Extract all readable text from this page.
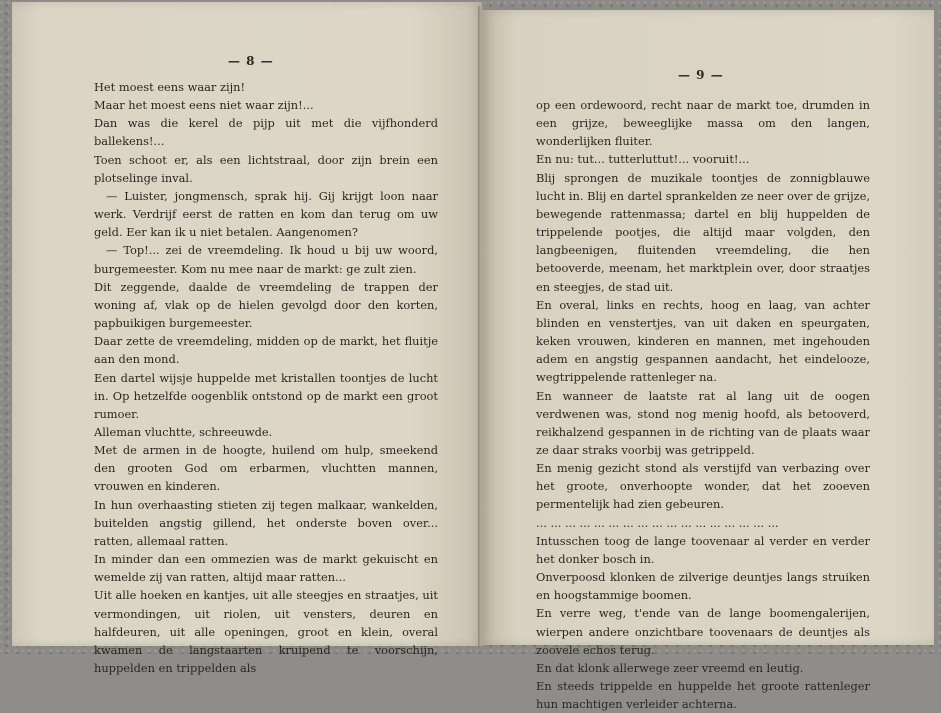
— 8 —

Het moest eens waar zijn!

Maar het moest eens niet waar zijn!...

Dan was die kerel de pijp uit met die vijfhonderd ballekens!...

Toen schoot er, als een lichtstraal, door zijn brein een plotselinge inval.

— Luister, jongmensch, sprak hij. Gij krijgt loon naar werk. Verdrijf eerst de ratten en kom dan terug om uw geld. Eer kan ik u niet betalen. Aangenomen?

— Top!... zei de vreemdeling. Ik houd u bij uw woord, burgemeester. Kom nu mee naar de markt: ge zult zien.

Dit zeggende, daalde de vreemdeling de trappen der woning af, vlak op de hielen gevolgd door den korten, papbuikigen burgemeester.

Daar zette de vreemdeling, midden op de markt, het fluitje aan den mond.

Een dartel wijsje huppelde met kristallen toontjes de lucht in. Op hetzelfde oogenblik ontstond op de markt een groot rumoer.

Alleman vluchtte, schreeuwde.

Met de armen in de hoogte, huilend om hulp, smeekend den grooten God om erbarmen, vluchtten mannen, vrouwen en kinderen.

In hun overhaasting stieten zij tegen malkaar, wankelden, buitelden angstig gillend, het onderste boven over... ratten, allemaal ratten.

In minder dan een ommezien was de markt gekuischt en wemelde zij van ratten, altijd maar ratten...

Uit alle hoeken en kantjes, uit alle steegjes en straatjes, uit vermondingen, uit riolen, uit vensters, deuren en halfdeuren, uit alle openingen, groot en klein, overal kwamen de langstaarten kruipend te voorschijn, huppelden en trippelden als

— 9 —

op een ordewoord, recht naar de markt toe, drumden in een grijze, beweeglijke massa om den langen, wonderlijken fluiter.

En nu: tut... tutterluttut!... vooruit!...

Blij sprongen de muzikale toontjes de zonnigblauwe lucht in. Blij en dartel sprankelden ze neer over de grijze, bewegende rattenmassa; dartel en blij huppelden de trippelende pootjes, die altijd maar volgden, den langbeenigen, fluitenden vreemdeling, die hen betooverde, meenam, het marktplein over, door straatjes en steegjes, de stad uit.

En overal, links en rechts, hoog en laag, van achter blinden en venstertjes, van uit daken en speurgaten, keken vrouwen, kinderen en mannen, met ingehouden adem en angstig gespannen aandacht, het eindelooze, wegtrippelende rattenleger na.

En wanneer de laatste rat al lang uit de oogen verdwenen was, stond nog menig hoofd, als betooverd, reikhalzend gespannen in de richting van de plaats waar ze daar straks voorbij was getrippeld.

En menig gezicht stond als verstijfd van verbazing over het groote, onverhoopte wonder, dat het zooeven permentelijk had zien gebeuren.

... ... ... ... ... ... ... ... ... ... ... ... ... ... ... ... ...

Intusschen toog de lange toovenaar al verder en verder het donker bosch in.

Onverpoosd klonken de zilverige deuntjes langs struiken en hoogstammige boomen.

En verre weg, t'ende van de lange boomengalerijen, wierpen andere onzichtbare toovenaars de deuntjes als zoovele echos terug.

En dat klonk allerwege zeer vreemd en leutig.

En steeds trippelde en huppelde het groote rattenleger hun machtigen verleider achterna.
